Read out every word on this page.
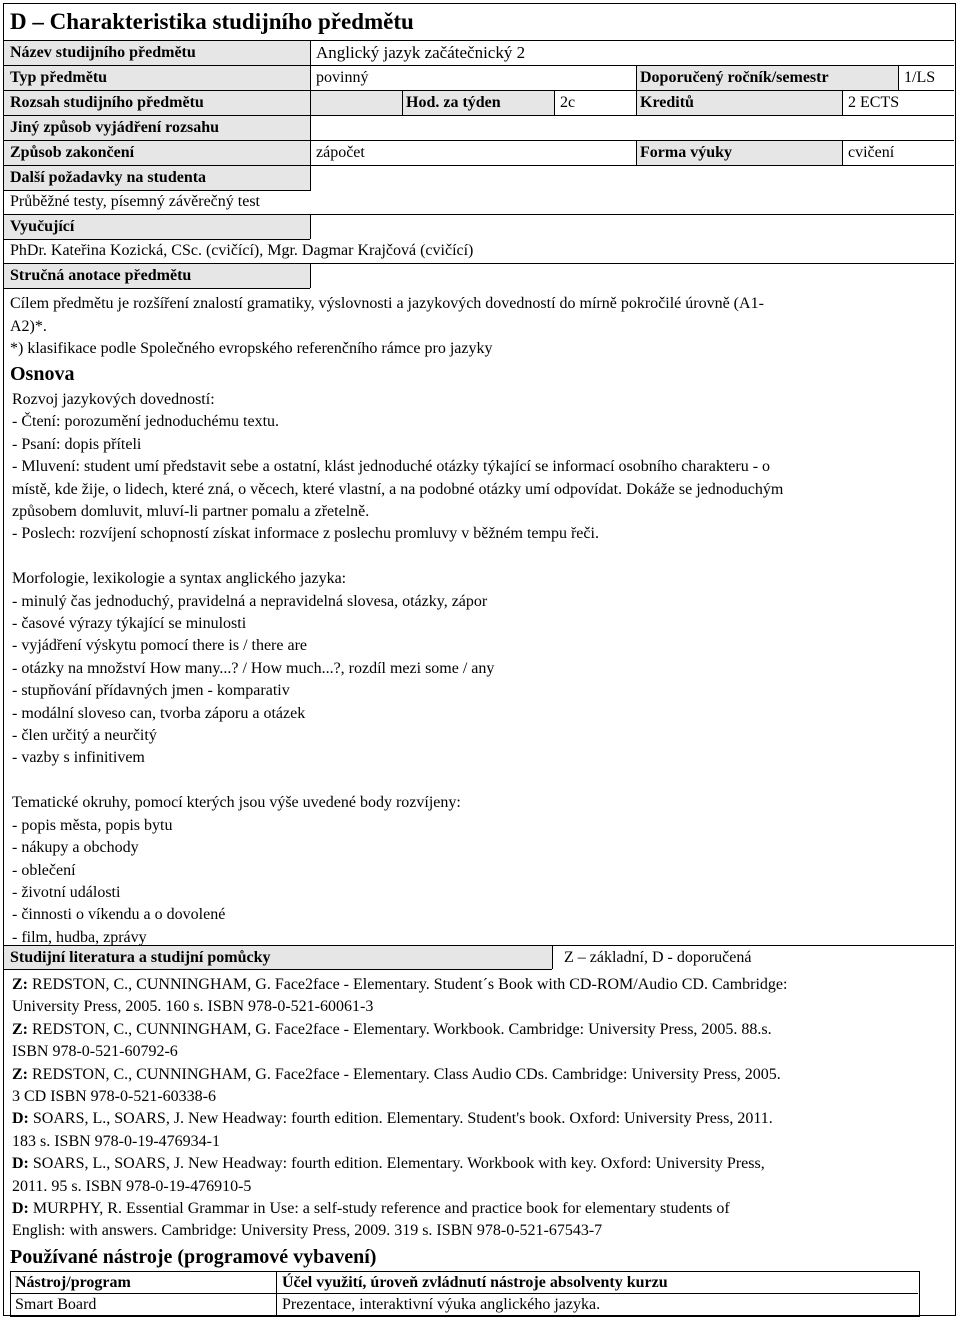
D – Charakteristika studijního předmětu
Název studijního předmětu	Anglický jazyk začátečnický 2
Typ předmětu	povinný	Doporučený ročník/semestr	1/LS
Rozsah studijního předmětu	Hod. za týden	2c	Kreditů	2 ECTS
Jiný způsob vyjádření rozsahu
Způsob zakončení	zápočet	Forma výuky	cvičení
Další požadavky na studenta
Průběžné testy, písemný závěrečný test
Vyučující
PhDr. Kateřina Kozická, CSc. (cvičící), Mgr. Dagmar Krajčová (cvičící)
Stručná anotace předmětu
Cílem předmětu je rozšíření znalostí gramatiky, výslovnosti a jazykových dovedností do mírně pokročilé úrovně (A1-
A2)*.
*) klasifikace podle Společného evropského referenčního rámce pro jazyky
Osnova
Rozvoj jazykových dovedností:
- Čtení: porozumění jednoduchému textu.
- Psaní: dopis příteli
- Mluvení: student umí představit sebe a ostatní, klást jednoduché otázky týkající se informací osobního charakteru - o
místě, kde žije, o lidech, které zná, o věcech, které vlastní, a na podobné otázky umí odpovídat. Dokáže se jednoduchým
způsobem domluvit, mluví-li partner pomalu a zřetelně.
- Poslech: rozvíjení schopností získat informace z poslechu promluvy v běžném tempu řeči.
Morfologie, lexikologie a syntax anglického jazyka:
- minulý čas jednoduchý, pravidelná a nepravidelná slovesa, otázky, zápor
- časové výrazy týkající se minulosti
- vyjádření výskytu pomocí there is / there are
- otázky na množství How many...? / How much...?, rozdíl mezi some / any
- stupňování přídavných jmen - komparativ
- modální sloveso can, tvorba záporu a otázek
- člen určitý a neurčitý
- vazby s infinitivem
Tematické okruhy, pomocí kterých jsou výše uvedené body rozvíjeny:
- popis města, popis bytu
- nákupy a obchody
- oblečení
- životní události
- činnosti o víkendu a o dovolené
- film, hudba, zprávy
Studijní literatura a studijní pomůcky	Z – základní, D - doporučená
Z: REDSTON, C., CUNNINGHAM, G. Face2face - Elementary. Student´s Book with CD-ROM/Audio CD. Cambridge:
University Press, 2005. 160 s. ISBN 978-0-521-60061-3
Z: REDSTON, C., CUNNINGHAM, G. Face2face - Elementary. Workbook. Cambridge: University Press, 2005. 88.s.
ISBN 978-0-521-60792-6
Z: REDSTON, C., CUNNINGHAM, G. Face2face - Elementary. Class Audio CDs. Cambridge: University Press, 2005.
3 CD ISBN 978-0-521-60338-6
D: SOARS, L., SOARS, J. New Headway: fourth edition. Elementary. Student's book. Oxford: University Press, 2011.
183 s. ISBN 978-0-19-476934-1
D: SOARS, L., SOARS, J. New Headway: fourth edition. Elementary. Workbook with key. Oxford: University Press,
2011. 95 s. ISBN 978-0-19-476910-5
D: MURPHY, R. Essential Grammar in Use: a self-study reference and practice book for elementary students of
English: with answers. Cambridge: University Press, 2009. 319 s. ISBN 978-0-521-67543-7
Používané nástroje (programové vybavení)
Nástroj/program	Účel využití, úroveň zvládnutí nástroje absolventy kurzu
Smart Board	Prezentace, interaktivní výuka anglického jazyka.
